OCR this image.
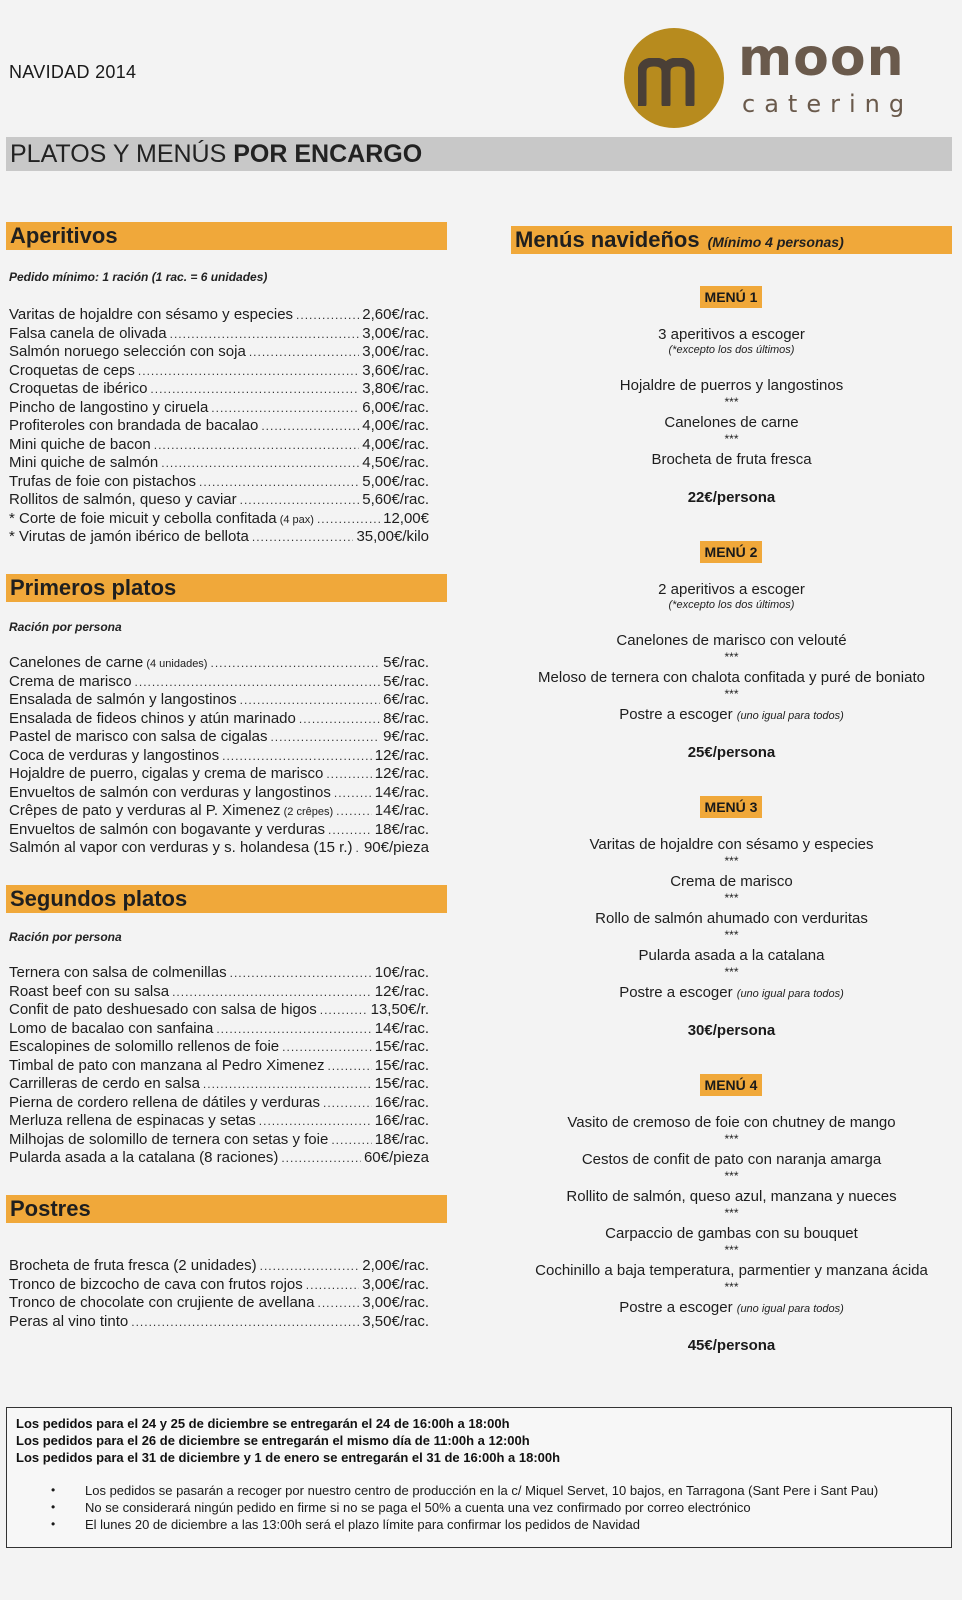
NAVIDAD 2014	moon
catering
PLATOS Y MENÚS POR ENCARGO
Aperitivos
Pedido mínimo: 1 ración (1 rac. = 6 unidades)
Varitas de hojaldre con sésamo y especies .....	2,60€/rac.
Falsa canela de olivada .....	3,00€/rac.
Salmón noruego selección con soja .....	3,00€/rac.
Croquetas de ceps .....	3,60€/rac.
Croquetas de ibérico .....	3,80€/rac.
Pincho de langostino y ciruela .....	6,00€/rac.
Profiteroles con brandada de bacalao .....	4,00€/rac.
Mini quiche de bacon .....	4,00€/rac.
Mini quiche de salmón .....	4,50€/rac.
Trufas de foie con pistachos .....	5,00€/rac.
Rollitos de salmón, queso y caviar .....	5,60€/rac.
* Corte de foie micuit y cebolla confitada (4 pax) .....	12,00€
* Virutas de jamón ibérico de bellota .....	35,00€/kilo
Primeros platos
Ración por persona
Canelones de carne (4 unidades) .....	5€/rac.
Crema de marisco .....	5€/rac.
Ensalada de salmón y langostinos .....	6€/rac.
Ensalada de fideos chinos y atún marinado .....	8€/rac.
Pastel de marisco con salsa de cigalas .....	9€/rac.
Coca de verduras y langostinos .....	12€/rac.
Hojaldre de puerro, cigalas y crema de marisco .....	12€/rac.
Envueltos de salmón con verduras y langostinos .....	14€/rac.
Crêpes de pato y verduras al P. Ximenez (2 crêpes) .....	14€/rac.
Envueltos de salmón con bogavante y verduras .....	18€/rac.
Salmón al vapor con verduras y s. holandesa (15 r.) ..... 90€/pieza
Segundos platos
Ración por persona
Ternera con salsa de colmenillas .....	10€/rac.
Roast beef con su salsa .....	12€/rac.
Confit de pato deshuesado con salsa de higos .....	13,50€/r.
Lomo de bacalao con sanfaina .....	14€/rac.
Escalopines de solomillo rellenos de foie .....	15€/rac.
Timbal de pato con manzana al Pedro Ximenez .....	15€/rac.
Carrilleras de cerdo en salsa .....	15€/rac.
Pierna de cordero rellena de dátiles y verduras .....	16€/rac.
Merluza rellena de espinacas y setas .....	16€/rac.
Milhojas de solomillo de ternera con setas y foie .....	18€/rac.
Pularda asada a la catalana (8 raciones) .....	60€/pieza
Postres
Brocheta de fruta fresca (2 unidades) .....	2,00€/rac.
Tronco de bizcocho de cava con frutos rojos .....	3,00€/rac.
Tronco de chocolate con crujiente de avellana .....	3,00€/rac.
Peras al vino tinto .....	3,50€/rac.
Menús navideños (Mínimo 4 personas)
MENÚ 1
3 aperitivos a escoger
(*excepto los dos últimos)
Hojaldre de puerros y langostinos
***
Canelones de carne
***
Brocheta de fruta fresca
22€/persona
MENÚ 2
2 aperitivos a escoger
(*excepto los dos últimos)
Canelones de marisco con velouté
***
Meloso de ternera con chalota confitada y puré de boniato
***
Postre a escoger (uno igual para todos)
25€/persona
MENÚ 3
Varitas de hojaldre con sésamo y especies
***
Crema de marisco
***
Rollo de salmón ahumado con verduritas
***
Pularda asada a la catalana
***
Postre a escoger (uno igual para todos)
30€/persona
MENÚ 4
Vasito de cremoso de foie con chutney de mango
***
Cestos de confit de pato con naranja amarga
***
Rollito de salmón, queso azul, manzana y nueces
***
Carpaccio de gambas con su bouquet
***
Cochinillo a baja temperatura, parmentier y manzana ácida
***
Postre a escoger (uno igual para todos)
45€/persona
Los pedidos para el 24 y 25 de diciembre se entregarán el 24 de 16:00h a 18:00h
Los pedidos para el 26 de diciembre se entregarán el mismo día de 11:00h a 12:00h
Los pedidos para el 31 de diciembre y 1 de enero se entregarán el 31 de 16:00h a 18:00h
•	Los pedidos se pasarán a recoger por nuestro centro de producción en la c/ Miquel Servet, 10 bajos, en Tarragona (Sant Pere i Sant Pau)
•	No se considerará ningún pedido en firme si no se paga el 50% a cuenta una vez confirmado por correo electrónico
•	El lunes 20 de diciembre a las 13:00h será el plazo límite para confirmar los pedidos de Navidad
